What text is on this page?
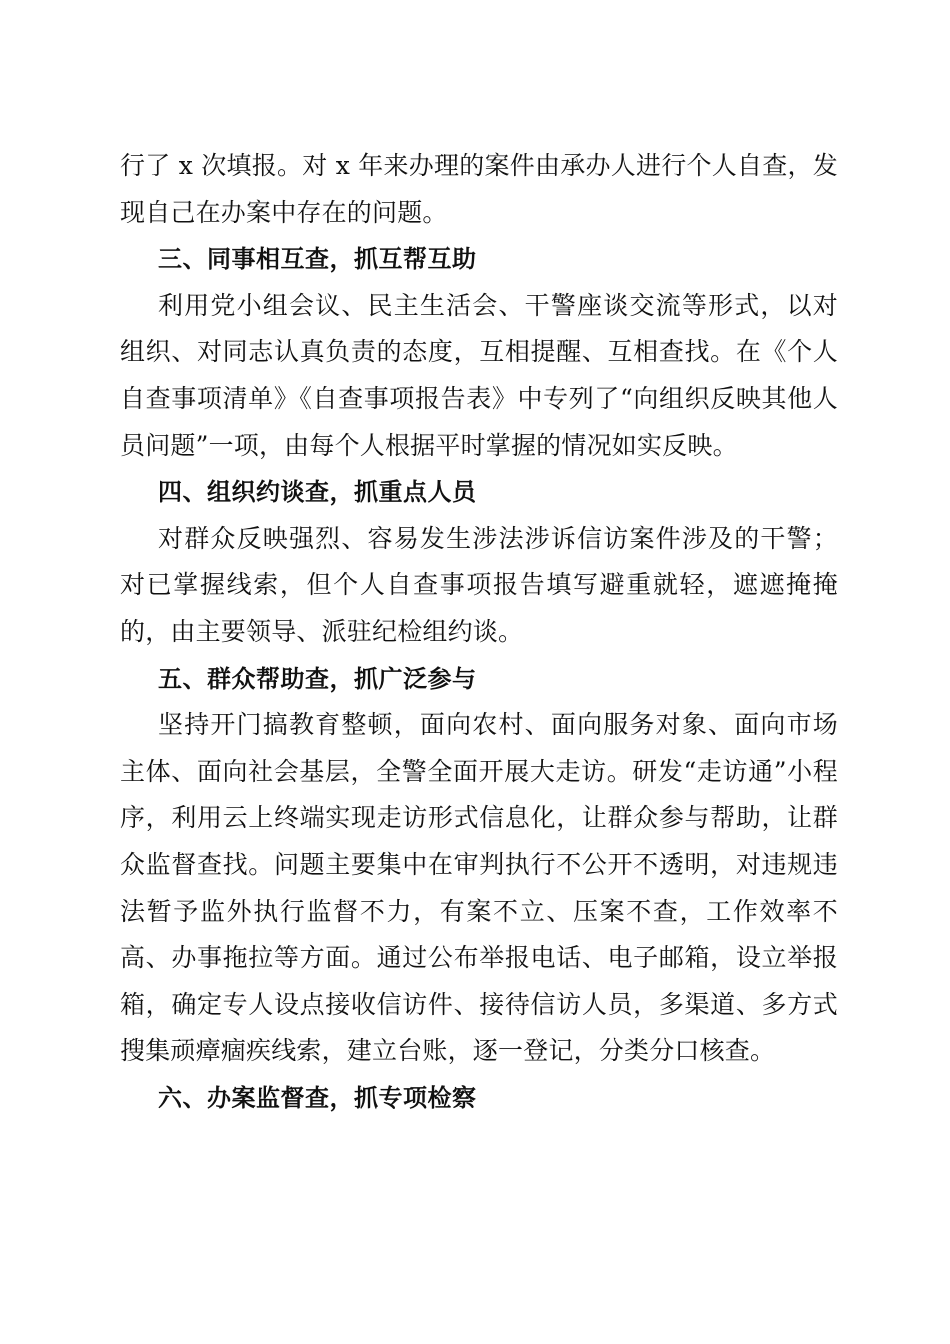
行了 x 次填报。对 x 年来办理的案件由承办人进行个人自查，发现自己在办案中存在的问题。

三、同事相互查，抓互帮互助

利用党小组会议、民主生活会、干警座谈交流等形式，以对组织、对同志认真负责的态度，互相提醒、互相查找。在《个人自查事项清单》《自查事项报告表》中专列了“向组织反映其他人员问题”一项，由每个人根据平时掌握的情况如实反映。

四、组织约谈查，抓重点人员

对群众反映强烈、容易发生涉法涉诉信访案件涉及的干警；对已掌握线索，但个人自查事项报告填写避重就轻，遮遮掩掩的，由主要领导、派驻纪检组约谈。

五、群众帮助查，抓广泛参与

坚持开门搞教育整顿，面向农村、面向服务对象、面向市场主体、面向社会基层，全警全面开展大走访。研发“走访通”小程序，利用云上终端实现走访形式信息化，让群众参与帮助，让群众监督查找。问题主要集中在审判执行不公开不透明，对违规违法暂予监外执行监督不力，有案不立、压案不查，工作效率不高、办事拖拉等方面。通过公布举报电话、电子邮箱，设立举报箱，确定专人设点接收信访件、接待信访人员，多渠道、多方式搜集顽瘴痼疾线索，建立台账，逐一登记，分类分口核查。

六、办案监督查，抓专项检察
